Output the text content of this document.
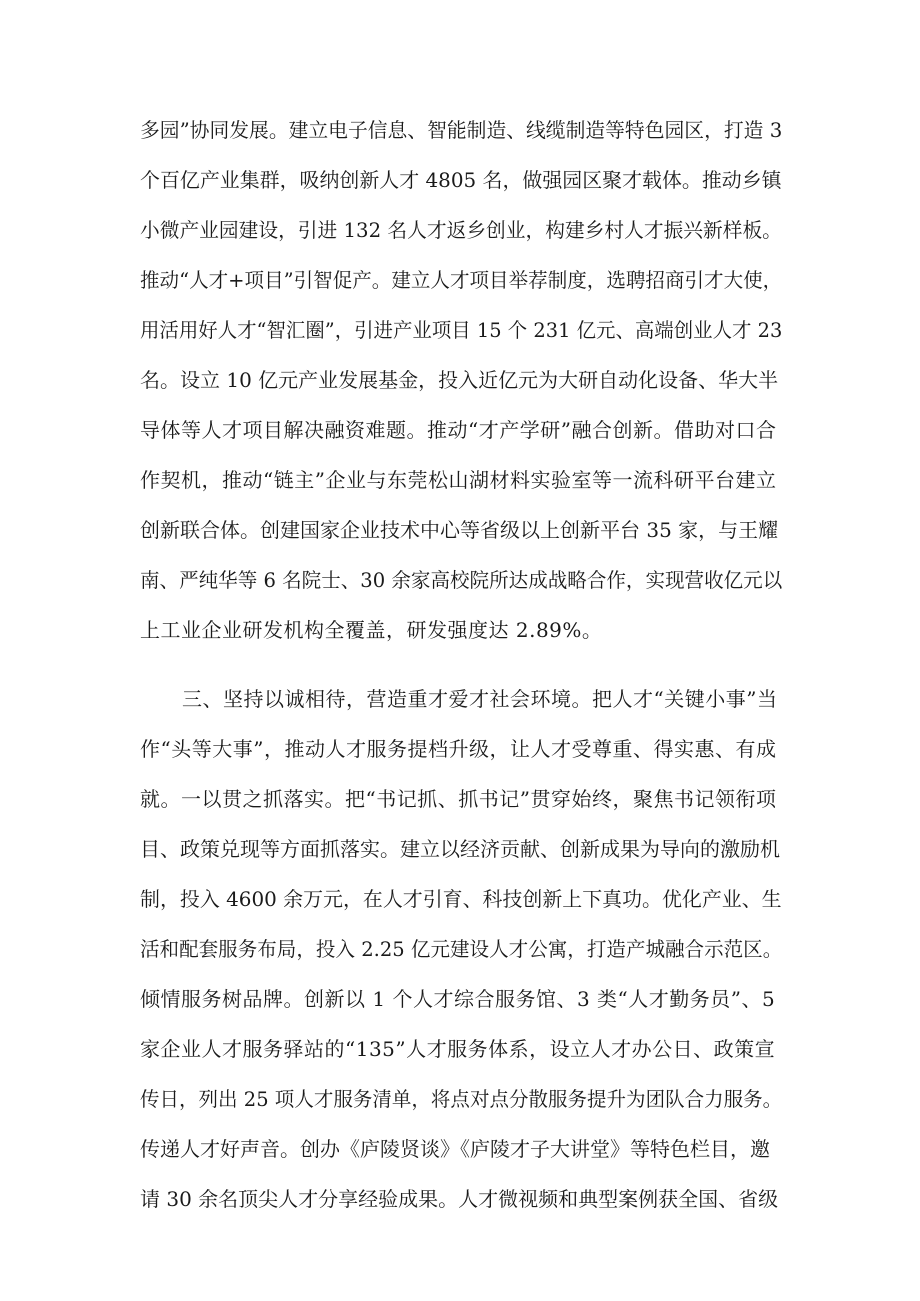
多园”协同发展。建立电子信息、智能制造、线缆制造等特色园区，打造 3
个百亿产业集群，吸纳创新人才 4805 名，做强园区聚才载体。推动乡镇
小微产业园建设，引进 132 名人才返乡创业，构建乡村人才振兴新样板。
推动“人才+项目”引智促产。建立人才项目举荐制度，选聘招商引才大使，
用活用好人才“智汇圈”，引进产业项目 15 个 231 亿元、高端创业人才 23
名。设立 10 亿元产业发展基金，投入近亿元为大研自动化设备、华大半
导体等人才项目解决融资难题。推动“才产学研”融合创新。借助对口合
作契机，推动“链主”企业与东莞松山湖材料实验室等一流科研平台建立
创新联合体。创建国家企业技术中心等省级以上创新平台 35 家，与王耀
南、严纯华等 6 名院士、30 余家高校院所达成战略合作，实现营收亿元以
上工业企业研发机构全覆盖，研发强度达 2.89%。
三、坚持以诚相待，营造重才爱才社会环境。把人才“关键小事”当
作“头等大事”，推动人才服务提档升级，让人才受尊重、得实惠、有成
就。一以贯之抓落实。把“书记抓、抓书记”贯穿始终，聚焦书记领衔项
目、政策兑现等方面抓落实。建立以经济贡献、创新成果为导向的激励机
制，投入 4600 余万元，在人才引育、科技创新上下真功。优化产业、生
活和配套服务布局，投入 2.25 亿元建设人才公寓，打造产城融合示范区。
倾情服务树品牌。创新以 1 个人才综合服务馆、3 类“人才勤务员”、5
家企业人才服务驿站的“135”人才服务体系，设立人才办公日、政策宣
传日，列出 25 项人才服务清单，将点对点分散服务提升为团队合力服务。
传递人才好声音。创办《庐陵贤谈》《庐陵才子大讲堂》等特色栏目，邀
请 30 余名顶尖人才分享经验成果。人才微视频和典型案例获全国、省级
